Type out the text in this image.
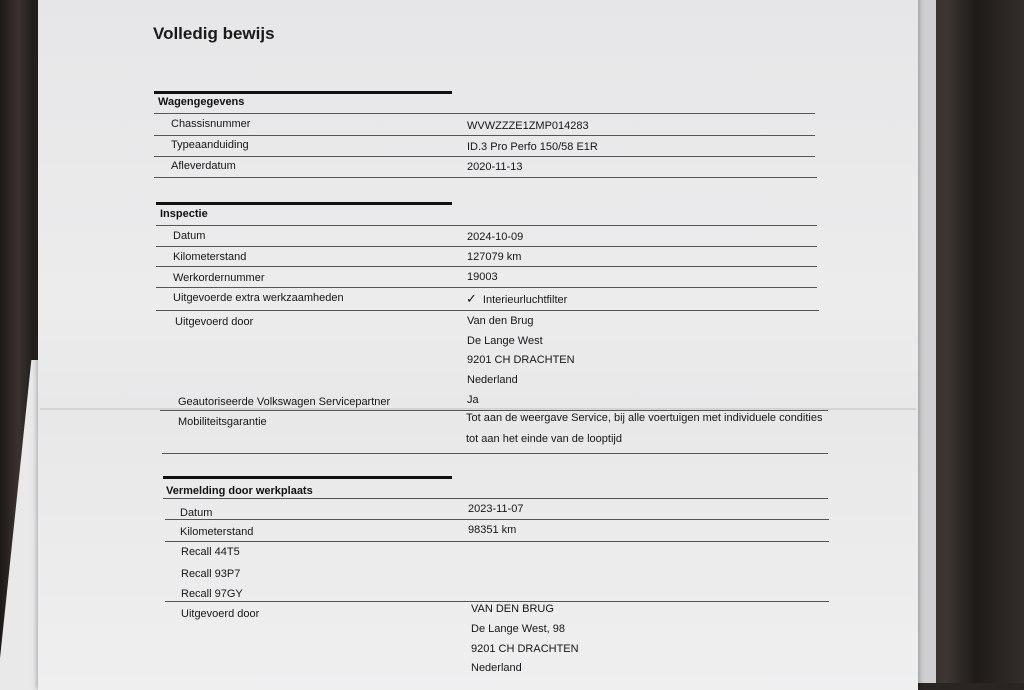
Volledig bewijs
Wagengegevens
Chassisnummer	WVWZZZE1ZMP014283
Typeaanduiding	ID.3 Pro Perfo 150/58 E1R
Afleverdatum	2020-11-13
Inspectie
Datum	2024-10-09
Kilometerstand	127079 km
Werkordernummer	19003
Uitgevoerde extra werkzaamheden	✓ Interieurluchtfilter
Uitgevoerd door	Van den Brug
De Lange West
9201 CH DRACHTEN
Nederland
Geautoriseerde Volkswagen Servicepartner	Ja
Mobiliteitsgarantie	Tot aan de weergave Service, bij alle voertuigen met individuele condities
tot aan het einde van de looptijd
Vermelding door werkplaats
Datum	2023-11-07
Kilometerstand	98351 km
Recall 44T5
Recall 93P7
Recall 97GY
Uitgevoerd door	VAN DEN BRUG
De Lange West, 98
9201 CH DRACHTEN
Nederland
